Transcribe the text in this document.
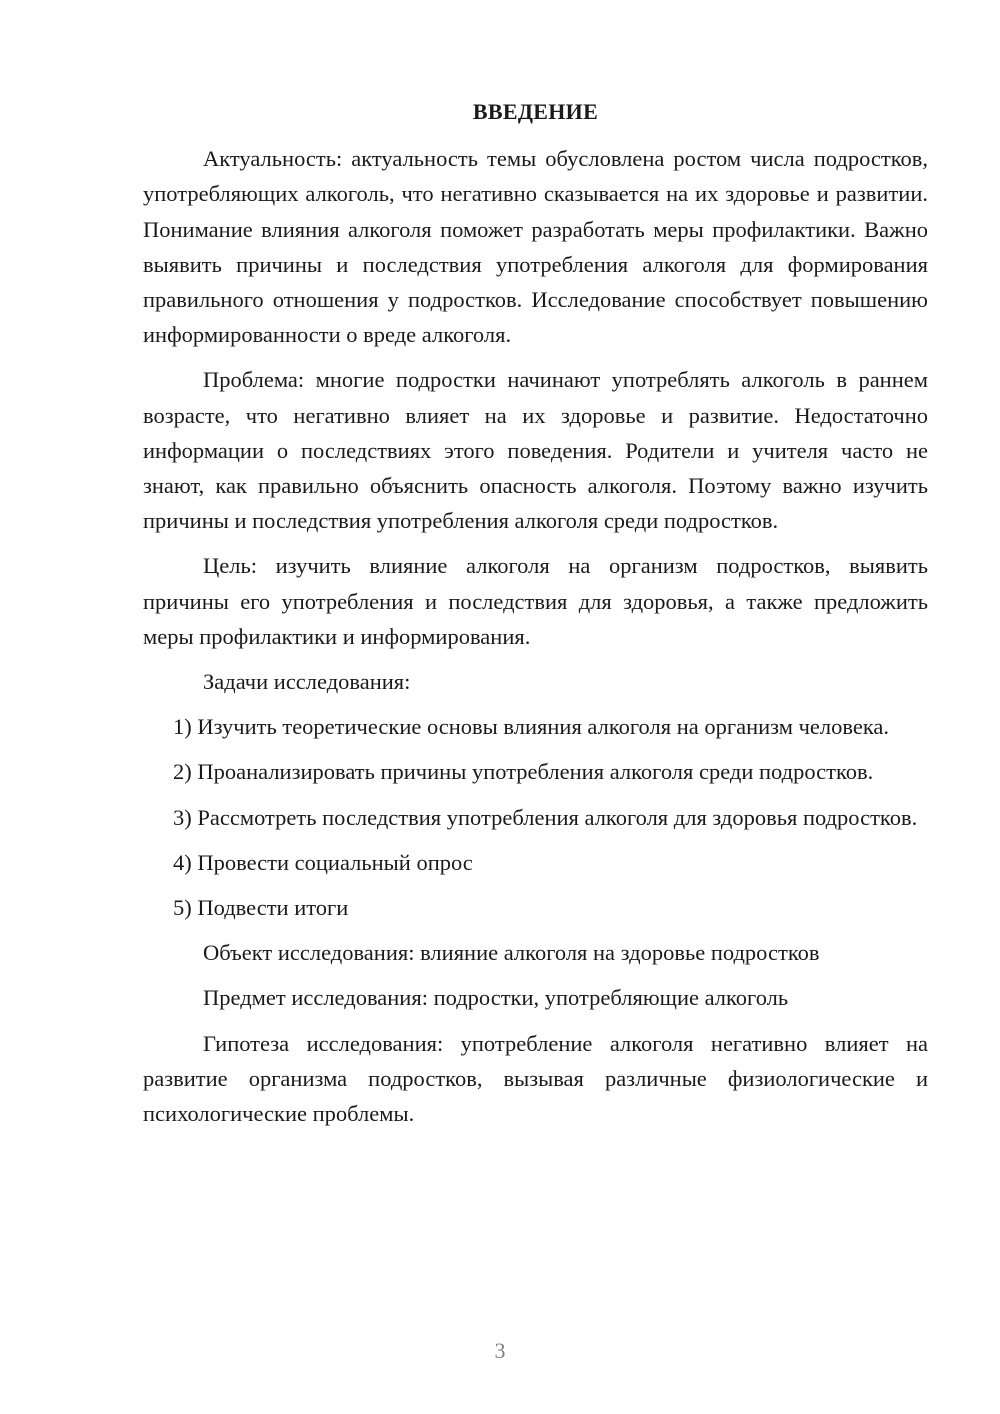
ВВЕДЕНИЕ

Актуальность: актуальность темы обусловлена ростом числа подростков, употребляющих алкоголь, что негативно сказывается на их здоровье и развитии. Понимание влияния алкоголя поможет разработать меры профилактики. Важно выявить причины и последствия употребления алкоголя для формирования правильного отношения у подростков. Исследование способствует повышению информированности о вреде алкоголя.

Проблема: многие подростки начинают употреблять алкоголь в раннем возрасте, что негативно влияет на их здоровье и развитие. Недостаточно информации о последствиях этого поведения. Родители и учителя часто не знают, как правильно объяснить опасность алкоголя. Поэтому важно изучить причины и последствия употребления алкоголя среди подростков.

Цель: изучить влияние алкоголя на организм подростков, выявить причины его употребления и последствия для здоровья, а также предложить меры профилактики и информирования.

Задачи исследования:

1) Изучить теоретические основы влияния алкоголя на организм человека.

2) Проанализировать причины употребления алкоголя среди подростков.

3) Рассмотреть последствия употребления алкоголя для здоровья подростков.

4) Провести социальный опрос

5) Подвести итоги

Объект исследования: влияние алкоголя на здоровье подростков

Предмет исследования: подростки, употребляющие алкоголь

Гипотеза исследования: употребление алкоголя негативно влияет на развитие организма подростков, вызывая различные физиологические и психологические проблемы.

3
